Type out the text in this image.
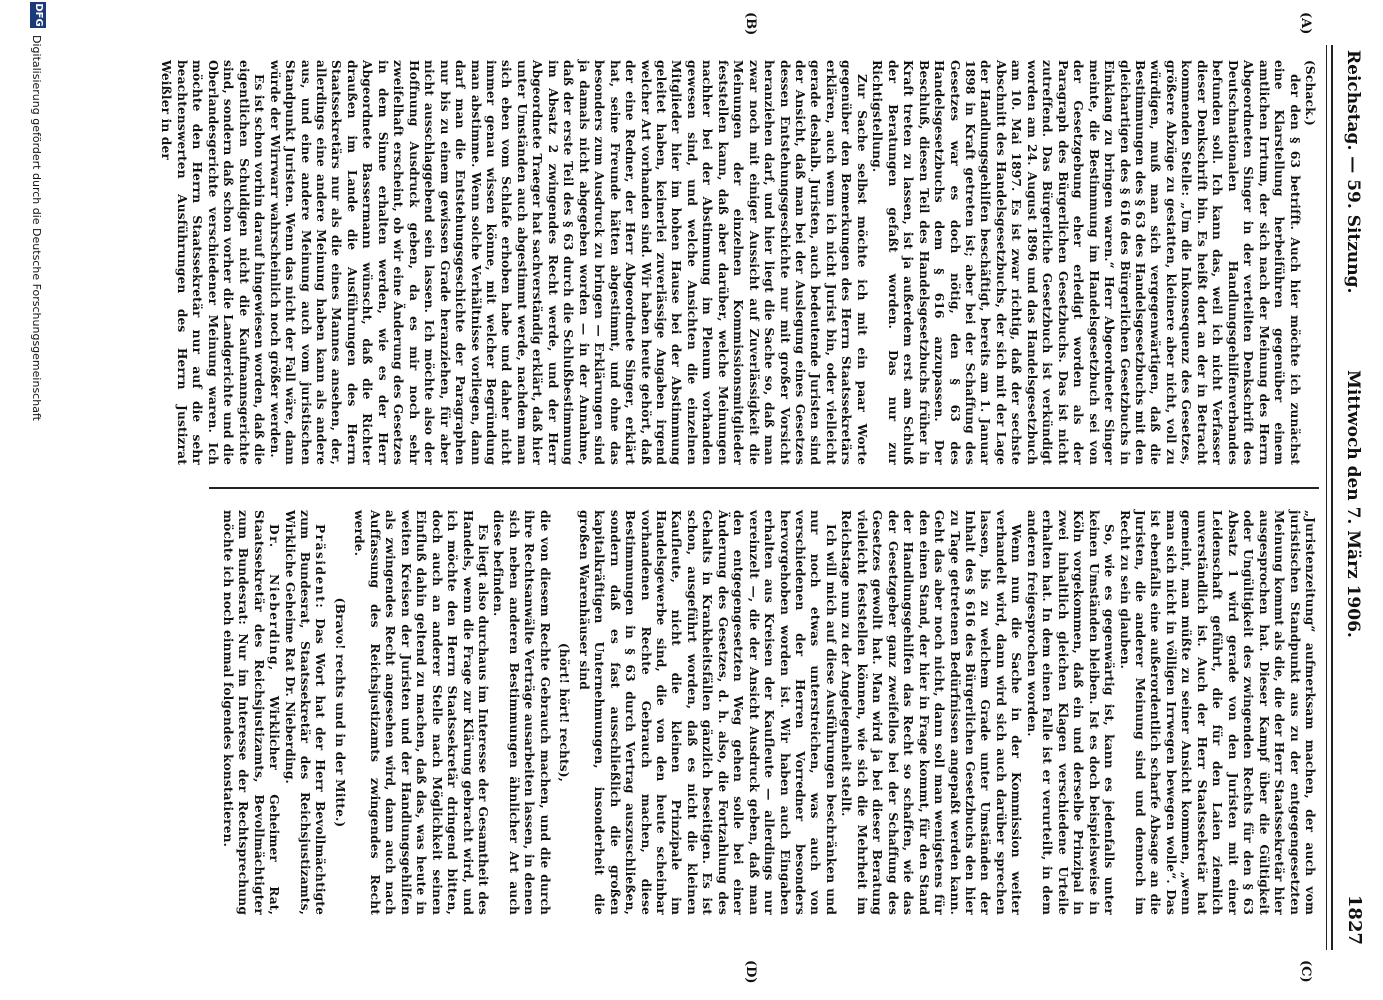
Reichstag. — 59. Sitzung.
Mittwoch den 7. März 1906.
1827
(A)
(B)
(C)
(D)

(Schack.)

der den § 63 betrifft. Auch hier möchte ich zunächst eine Klarstellung herbeiführen gegenüber einem amtlichen Irrtum, der sich nach der Meinung des Herrn Abgeordneten Singer in der verteilten Denkschrift des Deutschnationalen Handlungsgehilfenverbandes befunden soll. Ich kann das, weil ich nicht Verfasser dieser Denkschrift bin. Es heißt dort an der in Betracht kommenden Stelle: „Um die Inkonsequenz des Gesetzes, größere Abzüge zu gestatten, kleinere aber nicht, voll zu würdigen, muß man sich vergegenwärtigen, daß die Bestimmungen des § 63 des Handelsgesetzbuchs mit den gleichartigen des § 616 des Bürgerlichen Gesetzbuchs in Einklang zu bringen waren.“ Herr Abgeordneter Singer meinte, die Bestimmung im Handelsgesetzbuch sei von der Gesetzgebung eher erledigt worden als der Paragraph des Bürgerlichen Gesetzbuchs. Das ist nicht zutreffend. Das Bürgerliche Gesetzbuch ist verkündigt worden am 24. August 1896 und das Handelsgesetzbuch am 10. Mai 1897. Es ist zwar richtig, daß der sechste Abschnitt des Handelsgesetzbuchs, der sich mit der Lage der Handlungsgehilfen beschäftigt, bereits am 1. Januar 1898 in Kraft getreten ist; aber bei der Schaffung des Gesetzes war es doch nötig, den § 63 des Handelsgesetzbuchs dem § 616 anzupassen. Der Beschluß, diesen Teil des Handelsgesetzbuchs früher in Kraft treten zu lassen, ist ja außerdem erst am Schluß der Beratungen gefaßt worden. Das nur zur Richtigstellung.

Zur Sache selbst möchte ich mit ein paar Worte gegenüber den Bemerkungen des Herrn Staatssekretärs erklären, auch wenn ich nicht Jurist bin, oder vielleicht gerade deshalb. Juristen, auch bedeutende Juristen sind der Ansicht, daß man bei der Auslegung eines Gesetzes dessen Entstehungsgeschichte nur mit großer Vorsicht heranziehen darf, und hier liegt die Sache so, daß man zwar noch mit einiger Aussicht auf Zuverlässigkeit die Meinungen der einzelnen Kommissionsmitglieder feststellen kann, daß aber darüber, welche Meinungen nachher bei der Abstimmung im Plenum vorhanden gewesen sind, und welche Ansichten die einzelnen Mitglieder hier im hohen Hause bei der Abstimmung geleitet haben, keinerlei zuverlässige Angaben irgend welcher Art vorhanden sind. Wir haben heute gehört, daß der eine Redner, der Herr Abgeordnete Singer, erklärt hat, seine Freunde hätten abgestimmt, und ohne das besonders zum Ausdruck zu bringen — Erklärungen sind ja damals nicht abgegeben worden — in der Annahme, daß der erste Teil des § 63 durch die Schlußbestimmung im Absatz 2 zwingendes Recht werde, und der Herr Abgeordnete Traeger hat sachverständig erklärt, daß hier unter Umständen auch abgestimmt werde, nachdem man sich eben vom Schlafe erhoben habe und daher nicht immer genau wissen könne, mit welcher Begründung man abstimme. Wenn solche Verhältnisse vorliegen, dann darf man die Entstehungsgeschichte der Paragraphen nur bis zu einem gewissen Grade heranziehen, für aber nicht ausschlaggebend sein lassen. Ich möchte also der Hoffnung Ausdruck geben, da es mir noch sehr zweifelhaft erscheint, ob wir eine Änderung des Gesetzes in dem Sinne erhalten werden, wie es der Herr Abgeordnete Bassermann wünscht, daß die Richter draußen im Lande die Ausführungen des Herrn Staatssekretärs nur als die eines Mannes ansehen, der, allerdings eine andere Meinung haben kann als andere aus, und eine andere Meinung auch vom juristischen Standpunkt Juristen. Wenn das nicht der Fall wäre, dann würde der Wirrwarr wahrscheinlich noch größer werden.

Es ist schon vorhin darauf hingewiesen worden, daß die eigentlichen Schuldigen nicht die Kaufmannsgerichte sind, sondern daß schon vorher die Landgerichte und die Oberlandesgerichte verschiedener Meinung waren. Ich möchte den Herrn Staatssekretär nur auf die sehr beachtenswerten Ausführungen des Herrn Justizrat Weißler in der

„Juristenzeitung“ aufmerksam machen, der auch vom juristischen Standpunkt aus zu der entgegengesetzten Meinung kommt als die, die der Herr Staatssekretär hier ausgesprochen hat. Dieser Kampf über die Gültigkeit oder Ungültigkeit des zwingenden Rechts für den § 63 Absatz 1 wird gerade von den Juristen mit einer Leidenschaft geführt, die für den Laien ziemlich unverständlich ist. Auch der Herr Staatssekretär hat gemeint, man müßte zu seiner Ansicht kommen, „wenn man sich nicht in völligen Irrwegen bewegen wolle“. Das ist ebenfalls eine außerordentlich scharfe Absage an die Juristen, die anderer Meinung sind und dennoch im Recht zu sein glauben.

So, wie es gegenwärtig ist, kann es jedenfalls unter keinen Umständen bleiben. Ist es doch beispielsweise in Köln vorgekommen, daß ein und derselbe Prinzipal in zwei inhaltlich gleichen Klagen verschiedene Urteile erhalten hat. In dem einen Falle ist er verurteilt, in dem anderen freigesprochen worden.

Wenn nun die Sache in der Kommission weiter verhandelt wird, dann wird sich auch darüber sprechen lassen, bis zu welchem Grade unter Umständen der Inhalt des § 616 des Bürgerlichen Gesetzbuchs den hier zu Tage getretenen Bedürfnissen angepaßt werden kann. Geht das aber noch nicht, dann soll man wenigstens für den einen Stand, der hier in Frage kommt, für den Stand der Handlungsgehilfen das Recht so schaffen, wie das der Gesetzgeber ganz zweifellos bei der Schaffung des Gesetzes gewollt hat. Man wird ja bei dieser Beratung vielleicht feststellen können, wie sich die Mehrheit im Reichstage nun zu der Angelegenheit stellt.

Ich will mich auf diese Ausführungen beschränken und nur noch etwas unterstreichen, was auch von verschiedenen der Herren Vorredner besonders hervorgehoben worden ist. Wir haben auch Eingaben erhalten aus Kreisen der Kaufleute — allerdings nur vereinzelt —, die der Ansicht Ausdruck geben, daß man den entgegengesetzten Weg gehen solle bei einer Änderung des Gesetzes, d. h. also, die Fortzahlung des Gehalts in Krankheitsfällen gänzlich beseitigen. Es ist schon, ausgeführt worden, daß es nicht die kleinen Kaufleute, nicht die kleinen Prinzipale im Handelsgewerbe sind, die von den heute scheinbar vorhandenen Rechte Gebrauch machen, diese Bestimmungen in § 63 durch Vertrag auszuschließen, sondern daß es fast ausschließlich die großen kapitalkräftigen Unternehmungen, insonderheit die großen Warenhäuser sind

(hört! hört! rechts),

die von diesem Rechte Gebrauch machen, und die durch ihre Rechtsanwälte Verträge ausarbeiten lassen, in denen sich neben anderen Bestimmungen ähnlicher Art auch diese befinden.

Es liegt also durchaus im Interesse der Gesamtheit des Handels, wenn die Frage zur Klärung gebracht wird, und ich möchte den Herrn Staatssekretär dringend bitten, doch auch an anderer Stelle nach Möglichkeit seinen Einfluß dahin geltend zu machen, daß das, was heute in weiten Kreisen der Juristen und der Handlungsgehilfen als zwingendes Recht angesehen wird, dann auch nach Auffassung des Reichsjustizamts zwingendes Recht werde.

(Bravo! rechts und in der Mitte.)

Präsident: Das Wort hat der Herr Bevollmächtigte zum Bundesrat, Staatssekretär des Reichsjustizamts, Wirkliche Geheime Rat Dr. Nieberding.

Dr. Nieberding, Wirklicher Geheimer Rat, Staatssekretär des Reichsjustizamts, Bevollmächtigter zum Bundesrat: Nur im Interesse der Rechtsprechung möchte ich noch einmal folgendes konstatieren.

DFG
Digitalisierung gefördert durch die Deutsche Forschungsgemeinschaft
